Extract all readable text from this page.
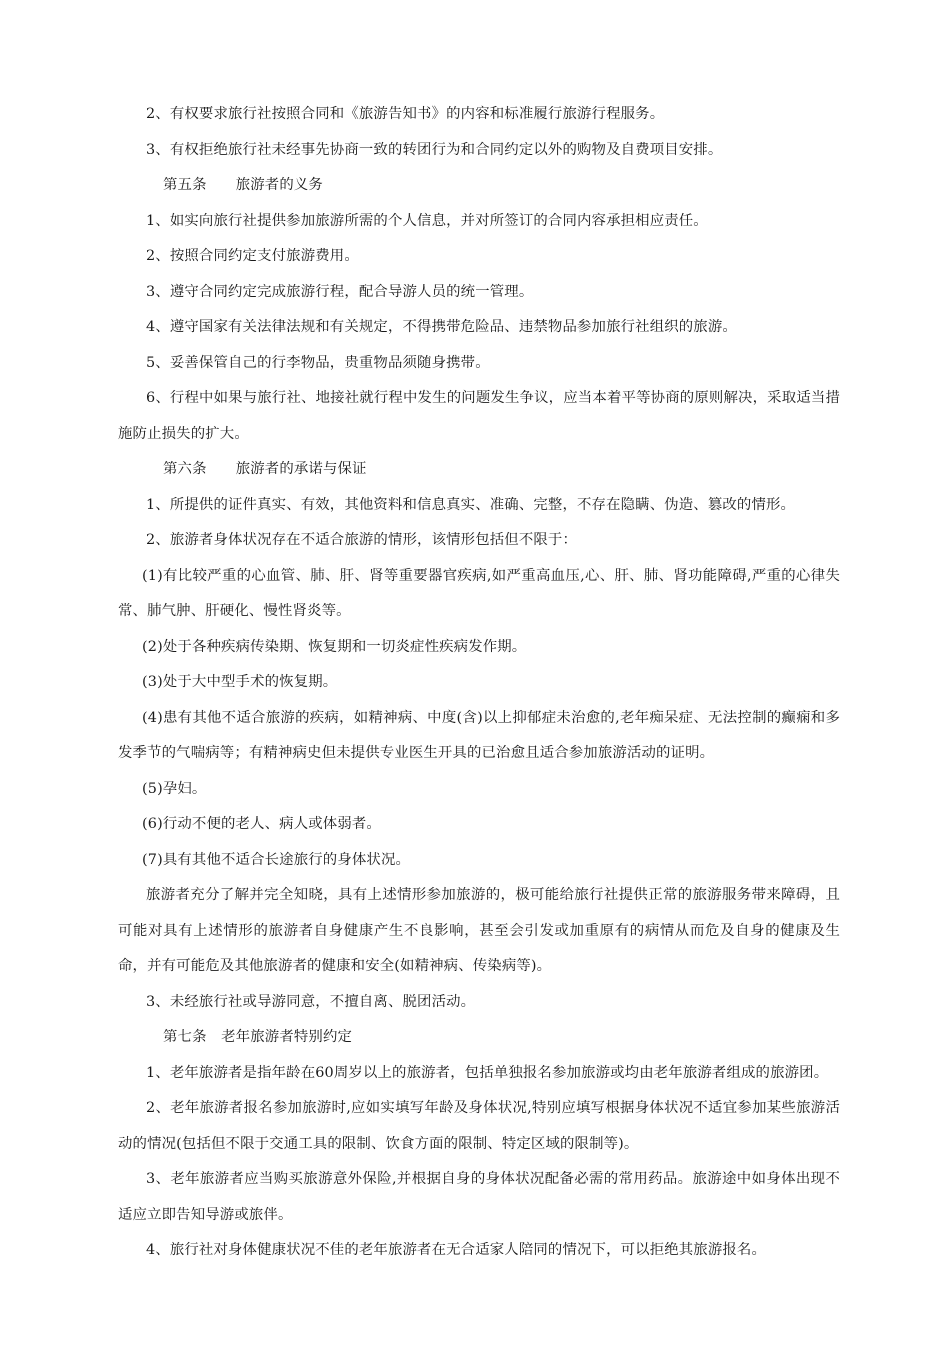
2、有权要求旅行社按照合同和《旅游告知书》的内容和标准履行旅游行程服务。

3、有权拒绝旅行社未经事先协商一致的转团行为和合同约定以外的购物及自费项目安排。

第五条　　旅游者的义务

1、如实向旅行社提供参加旅游所需的个人信息，并对所签订的合同内容承担相应责任。

2、按照合同约定支付旅游费用。

3、遵守合同约定完成旅游行程，配合导游人员的统一管理。

4、遵守国家有关法律法规和有关规定，不得携带危险品、违禁物品参加旅行社组织的旅游。

5、妥善保管自己的行李物品，贵重物品须随身携带。

6、行程中如果与旅行社、地接社就行程中发生的问题发生争议，应当本着平等协商的原则解决，采取适当措施防止损失的扩大。

第六条　　旅游者的承诺与保证

1、所提供的证件真实、有效，其他资料和信息真实、准确、完整，不存在隐瞒、伪造、篡改的情形。

2、旅游者身体状况存在不适合旅游的情形，该情形包括但不限于：

(1)有比较严重的心血管、肺、肝、肾等重要器官疾病,如严重高血压,心、肝、肺、肾功能障碍,严重的心律失常、肺气肿、肝硬化、慢性肾炎等。

(2)处于各种疾病传染期、恢复期和一切炎症性疾病发作期。

(3)处于大中型手术的恢复期。

(4)患有其他不适合旅游的疾病，如精神病、中度(含)以上抑郁症未治愈的,老年痴呆症、无法控制的癫痫和多发季节的气喘病等；有精神病史但未提供专业医生开具的已治愈且适合参加旅游活动的证明。

(5)孕妇。

(6)行动不便的老人、病人或体弱者。

(7)具有其他不适合长途旅行的身体状况。

旅游者充分了解并完全知晓，具有上述情形参加旅游的，极可能给旅行社提供正常的旅游服务带来障碍，且可能对具有上述情形的旅游者自身健康产生不良影响，甚至会引发或加重原有的病情从而危及自身的健康及生命，并有可能危及其他旅游者的健康和安全(如精神病、传染病等)。

3、未经旅行社或导游同意，不擅自离、脱团活动。

第七条　老年旅游者特别约定

1、老年旅游者是指年龄在60周岁以上的旅游者，包括单独报名参加旅游或均由老年旅游者组成的旅游团。

2、老年旅游者报名参加旅游时,应如实填写年龄及身体状况,特别应填写根据身体状况不适宜参加某些旅游活动的情况(包括但不限于交通工具的限制、饮食方面的限制、特定区域的限制等)。

3、老年旅游者应当购买旅游意外保险,并根据自身的身体状况配备必需的常用药品。旅游途中如身体出现不适应立即告知导游或旅伴。

4、旅行社对身体健康状况不佳的老年旅游者在无合适家人陪同的情况下，可以拒绝其旅游报名。
